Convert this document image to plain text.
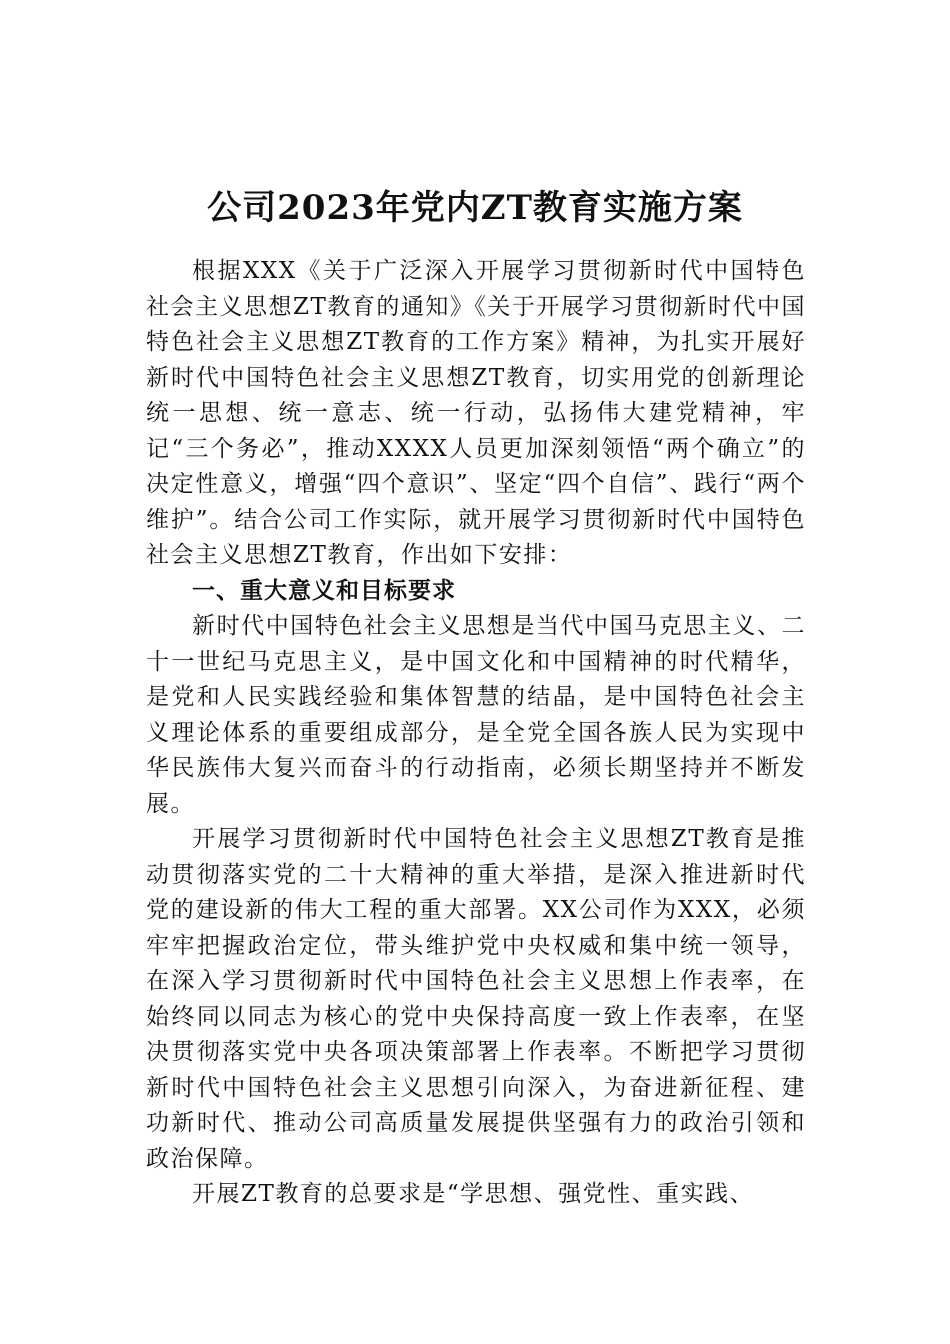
公司2023年党内ZT教育实施方案

根据XXX《关于广泛深入开展学习贯彻新时代中国特色社会主义思想ZT教育的通知》《关于开展学习贯彻新时代中国特色社会主义思想ZT教育的工作方案》精神，为扎实开展好新时代中国特色社会主义思想ZT教育，切实用党的创新理论统一思想、统一意志、统一行动，弘扬伟大建党精神，牢记“三个务必”，推动XXXX人员更加深刻领悟“两个确立”的决定性意义，增强“四个意识”、坚定“四个自信”、践行“两个维护”。结合公司工作实际，就开展学习贯彻新时代中国特色社会主义思想ZT教育，作出如下安排：

一、重大意义和目标要求

新时代中国特色社会主义思想是当代中国马克思主义、二十一世纪马克思主义，是中国文化和中国精神的时代精华，是党和人民实践经验和集体智慧的结晶，是中国特色社会主义理论体系的重要组成部分，是全党全国各族人民为实现中华民族伟大复兴而奋斗的行动指南，必须长期坚持并不断发展。

开展学习贯彻新时代中国特色社会主义思想ZT教育是推动贯彻落实党的二十大精神的重大举措，是深入推进新时代党的建设新的伟大工程的重大部署。XX公司作为XXX，必须牢牢把握政治定位，带头维护党中央权威和集中统一领导，在深入学习贯彻新时代中国特色社会主义思想上作表率，在始终同以同志为核心的党中央保持高度一致上作表率，在坚决贯彻落实党中央各项决策部署上作表率。不断把学习贯彻新时代中国特色社会主义思想引向深入，为奋进新征程、建功新时代、推动公司高质量发展提供坚强有力的政治引领和政治保障。

开展ZT教育的总要求是“学思想、强党性、重实践、
